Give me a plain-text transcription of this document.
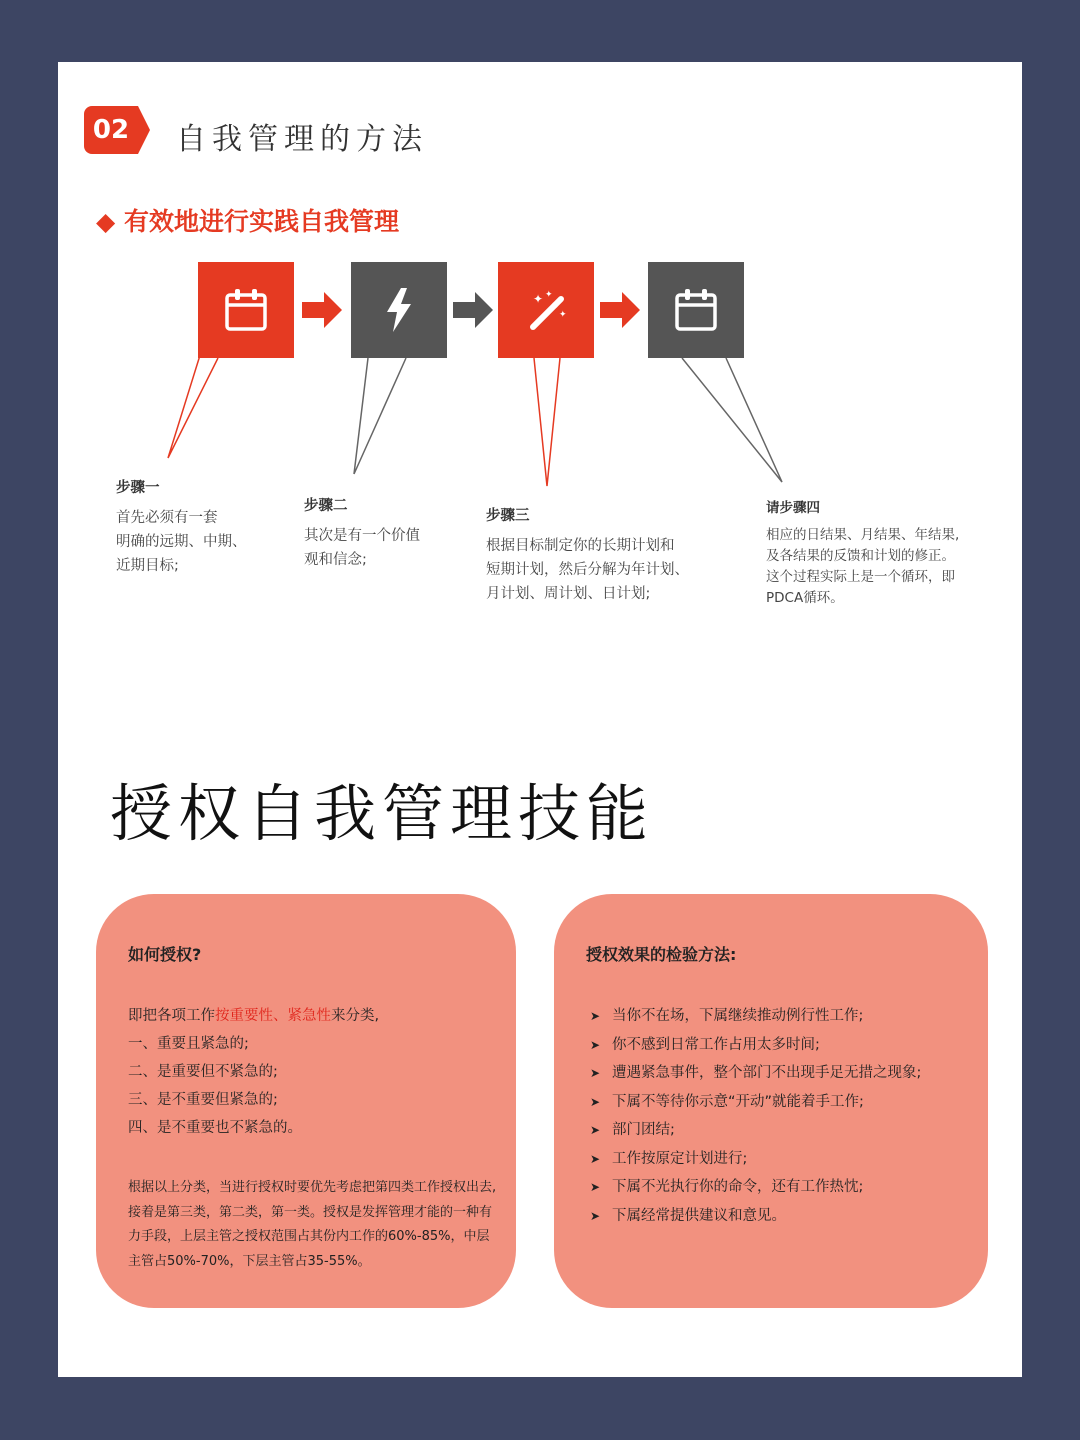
02 自我管理的方法
◆ 有效地进行实践自我管理
✦ ✦
✦
步骤一
首先必须有一套
明确的远期、中期、
近期目标;
步骤二
其次是有一个价值
观和信念;
步骤三
根据目标制定你的长期计划和
短期计划，然后分解为年计划、
月计划、周计划、日计划;
请步骤四
相应的日结果、月结果、年结果,
及各结果的反馈和计划的修正。
这个过程实际上是一个循环，即
PDCA循环。
授权自我管理技能
如何授权?
即把各项工作按重要性、紧急性来分类,
一、重要且紧急的;
二、是重要但不紧急的;
三、是不重要但紧急的;
四、是不重要也不紧急的。
根据以上分类，当进行授权时要优先考虑把第四类工作授权出去,
接着是第三类，第二类，第一类。授权是发挥管理才能的一种有
力手段，上层主管之授权范围占其份内工作的60%-85%，中层
主管占50%-70%，下层主管占35-55%。
授权效果的检验方法:
➤ 当你不在场，下属继续推动例行性工作;
➤ 你不感到日常工作占用太多时间;
➤ 遭遇紧急事件，整个部门不出现手足无措之现象;
➤ 下属不等待你示意“开动”就能着手工作;
➤ 部门团结;
➤ 工作按原定计划进行;
➤ 下属不光执行你的命令，还有工作热忱;
➤ 下属经常提供建议和意见。
